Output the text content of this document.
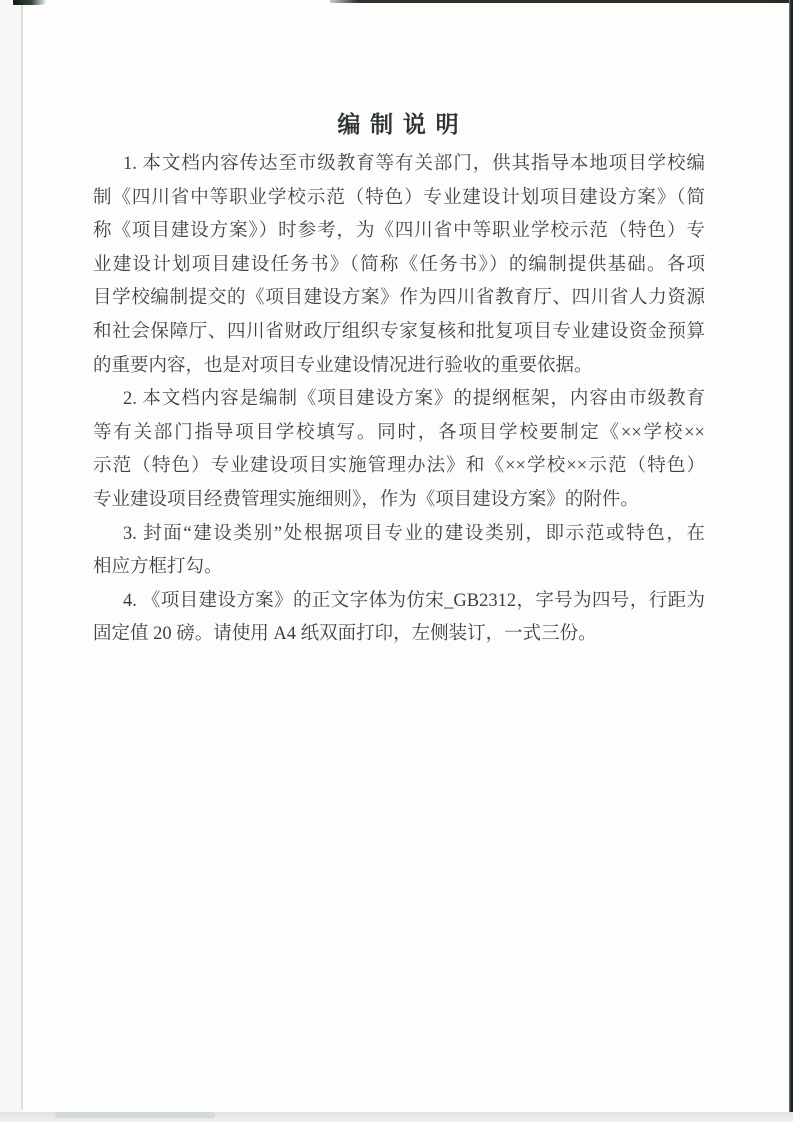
编 制 说 明
1. 本文档内容传达至市级教育等有关部门，供其指导本地项目学校编
制《四川省中等职业学校示范（特色）专业建设计划项目建设方案》（简
称《项目建设方案》）时参考，为《四川省中等职业学校示范（特色）专
业建设计划项目建设任务书》（简称《任务书》）的编制提供基础。各项
目学校编制提交的《项目建设方案》作为四川省教育厅、四川省人力资源
和社会保障厅、四川省财政厅组织专家复核和批复项目专业建设资金预算
的重要内容，也是对项目专业建设情况进行验收的重要依据。
2. 本文档内容是编制《项目建设方案》的提纲框架，内容由市级教育
等有关部门指导项目学校填写。同时，各项目学校要制定《××学校××
示范（特色）专业建设项目实施管理办法》和《××学校××示范（特色）
专业建设项目经费管理实施细则》，作为《项目建设方案》的附件。
3. 封面“建设类别”处根据项目专业的建设类别，即示范或特色，在
相应方框打勾。
4. 《项目建设方案》的正文字体为仿宋_GB2312，字号为四号，行距为
固定值 20 磅。请使用 A4 纸双面打印，左侧装订，一式三份。
